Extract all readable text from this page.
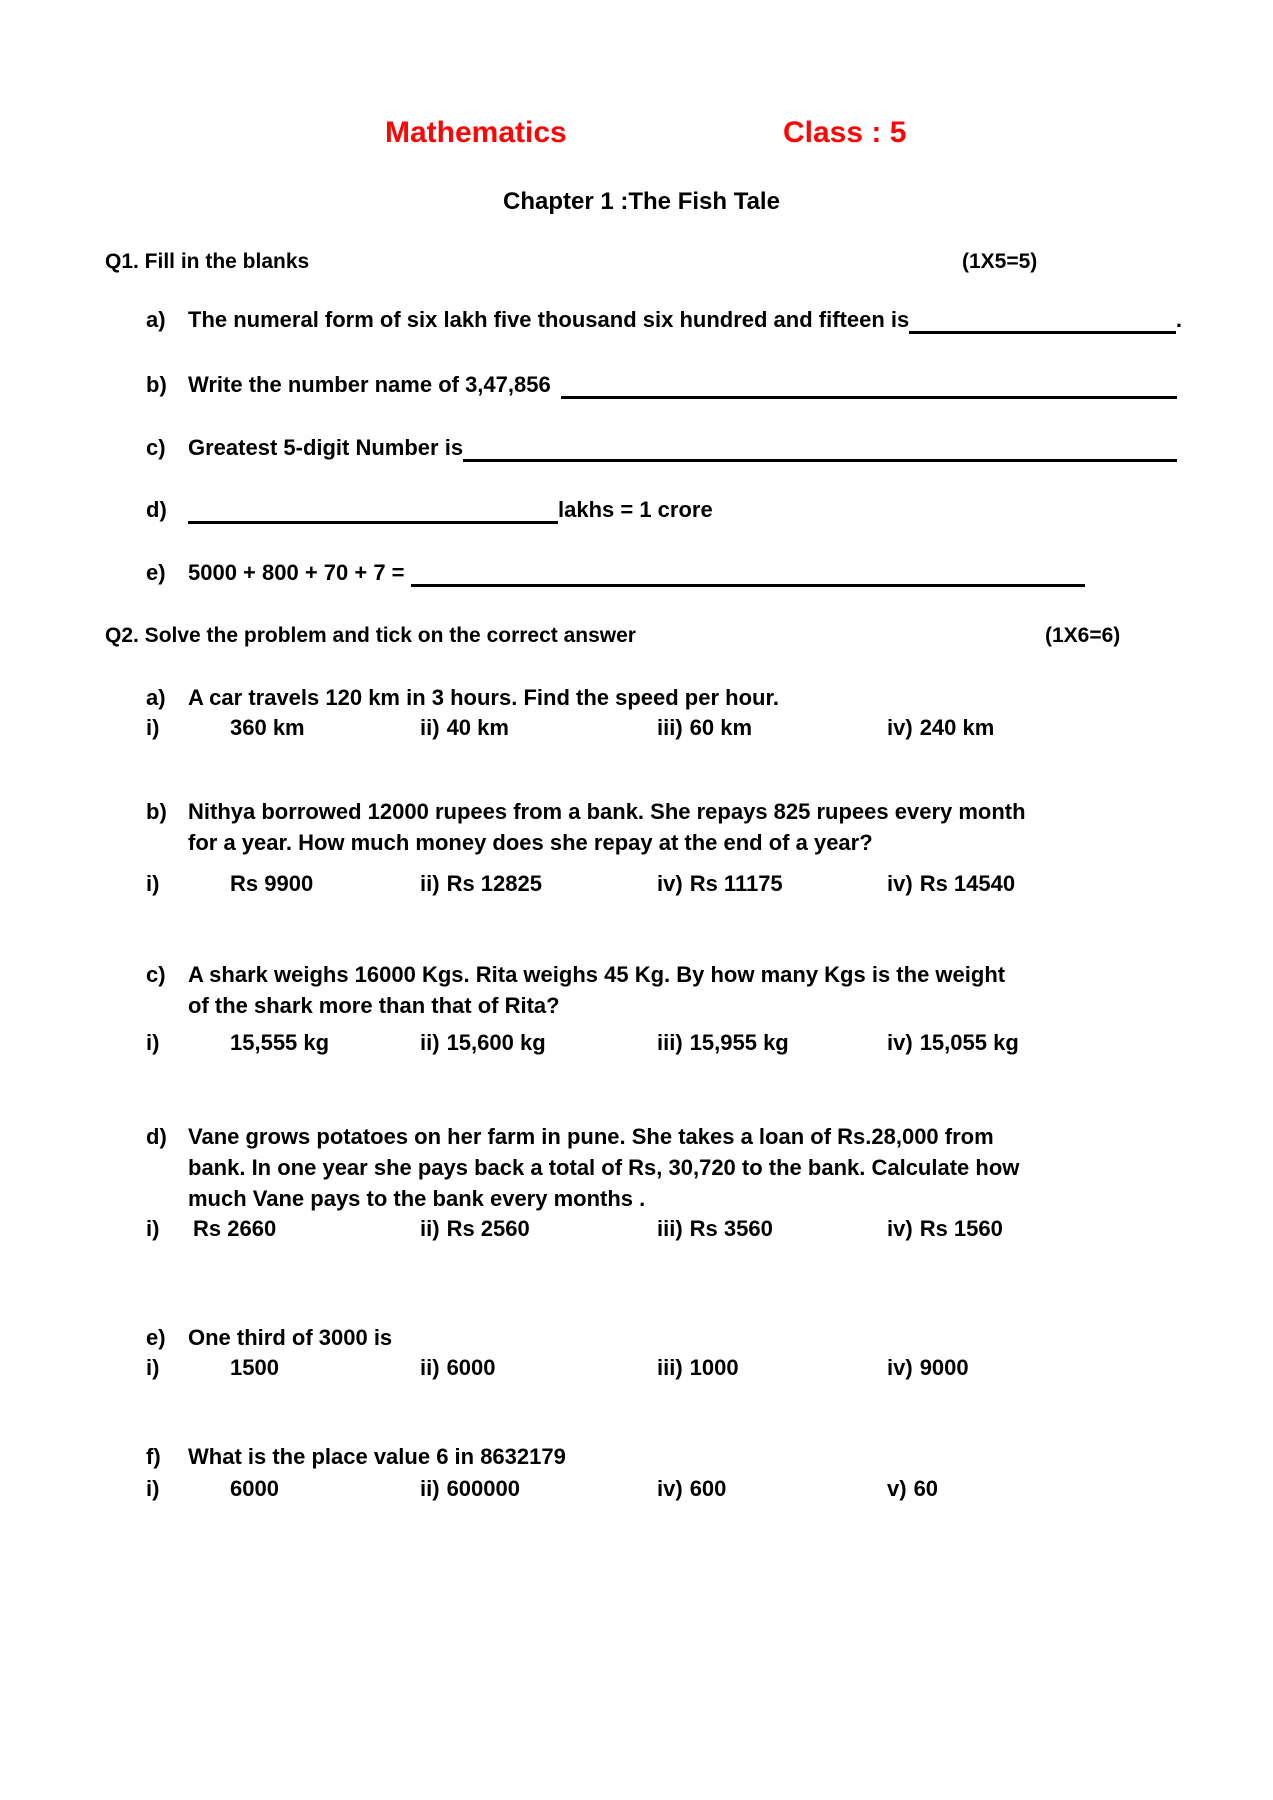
Mathematics	Class : 5
Chapter 1 :The Fish Tale
Q1. Fill in the blanks	(1X5=5)
a) The numeral form of six lakh five thousand six hundred and fifteen is	.
b) Write the number name of 3,47,856
c) Greatest 5-digit Number is
d)	lakhs = 1 crore
e) 5000 + 800 + 70 + 7 =
Q2. Solve the problem and tick on the correct answer	(1X6=6)
a) A car travels 120 km in 3 hours. Find the speed per hour.
i)	360 km	ii) 40 km	iii) 60 km	iv) 240 km
b) Nithya borrowed 12000 rupees from a bank. She repays 825 rupees every month
for a year. How much money does she repay at the end of a year?
i)	Rs 9900	ii) Rs 12825	iv) Rs 11175	iv) Rs 14540
c) A shark weighs 16000 Kgs. Rita weighs 45 Kg. By how many Kgs is the weight
of the shark more than that of Rita?
i)	15,555 kg	ii) 15,600 kg	iii) 15,955 kg	iv) 15,055 kg
d) Vane grows potatoes on her farm in pune. She takes a loan of Rs.28,000 from
bank. In one year she pays back a total of Rs, 30,720 to the bank. Calculate how
much Vane pays to the bank every months .
i) Rs 2660	ii) Rs 2560	iii) Rs 3560	iv) Rs 1560
e) One third of 3000 is
i)	1500	ii) 6000	iii) 1000	iv) 9000
f) What is the place value 6 in 8632179
i)	6000	ii) 600000	iv) 600	v) 60
